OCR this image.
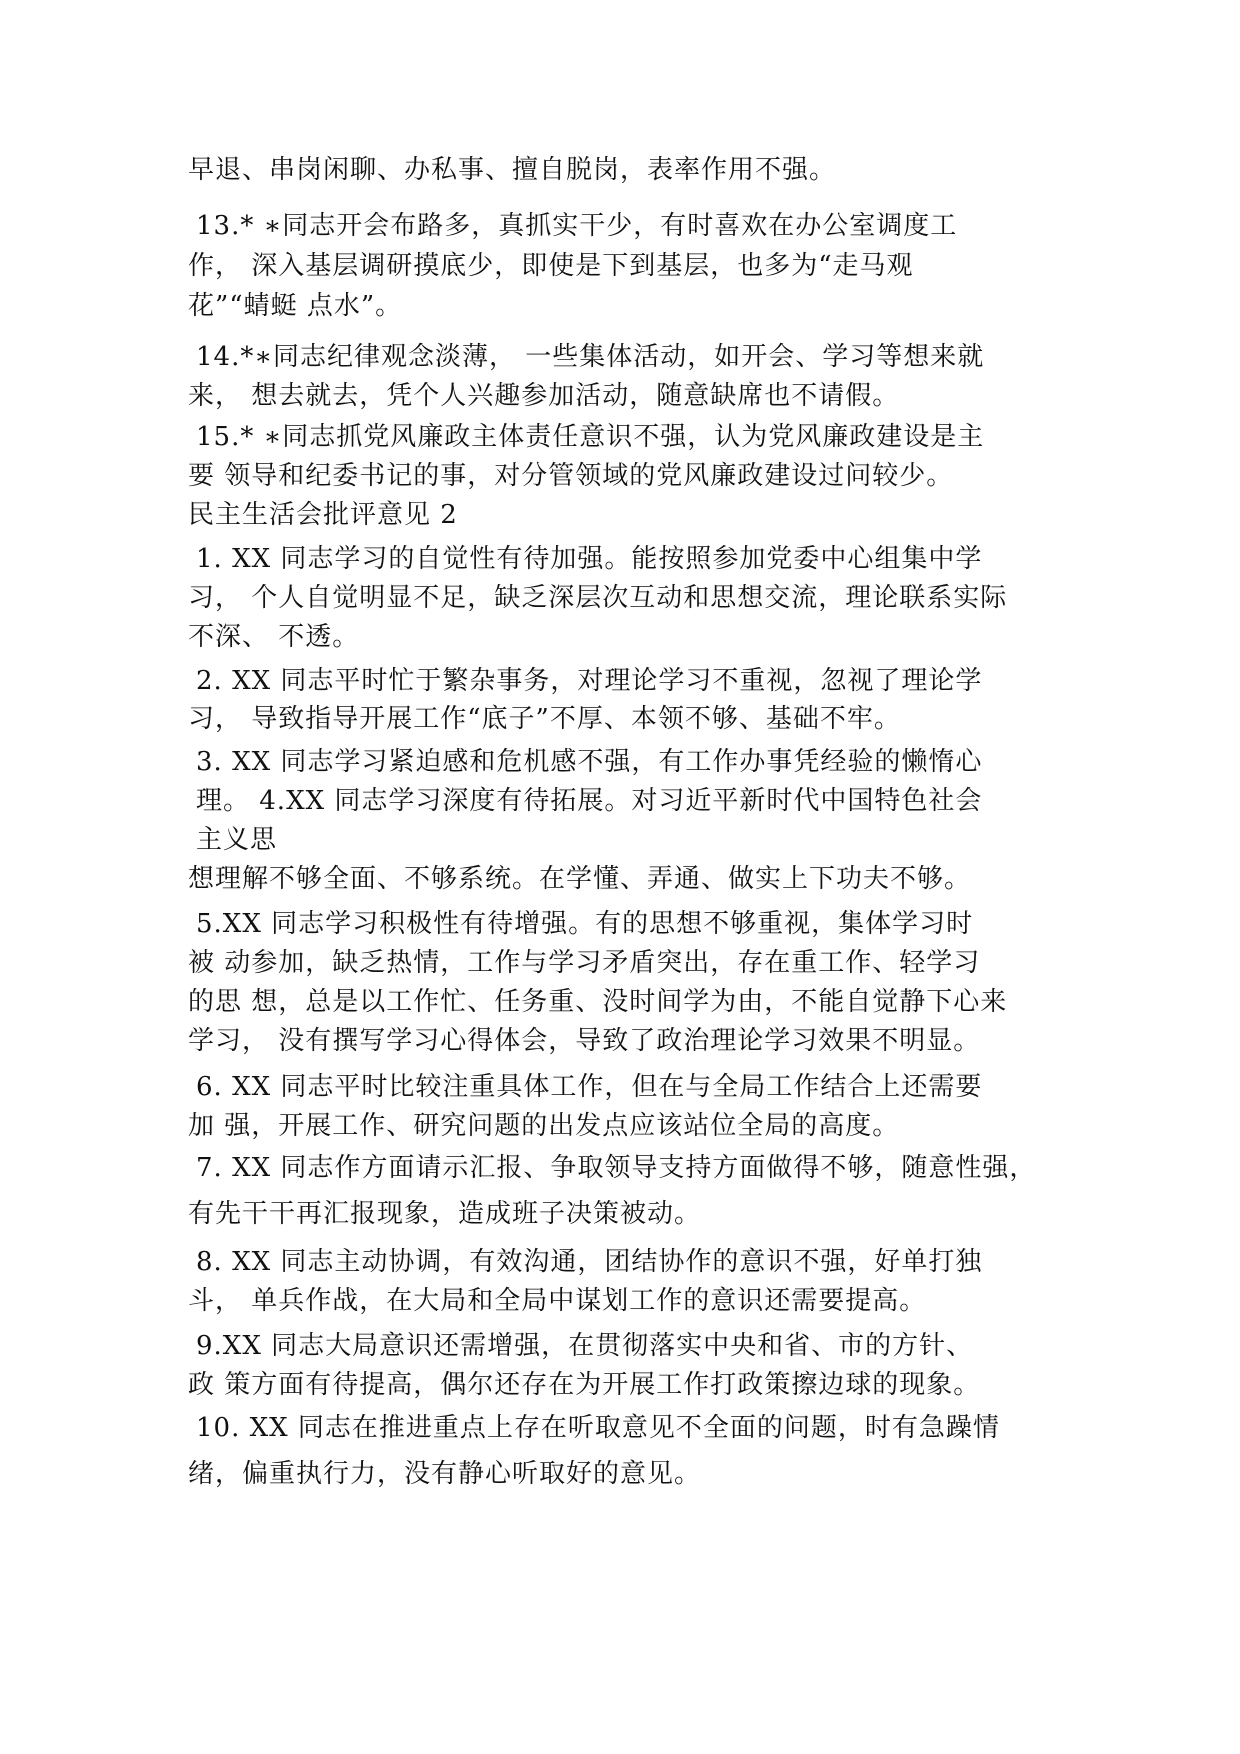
早退、串岗闲聊、办私事、擅自脱岗，表率作用不强。
13.* ∗同志开会布路多，真抓实干少，有时喜欢在办公室调度工
作， 深入基层调研摸底少，即使是下到基层，也多为“走马观
花”“蜻蜓 点水”。
14.*∗同志纪律观念淡薄， 一些集体活动，如开会、学习等想来就
来， 想去就去，凭个人兴趣参加活动，随意缺席也不请假。
15.* ∗同志抓党风廉政主体责任意识不强，认为党风廉政建设是主
要 领导和纪委书记的事，对分管领域的党风廉政建设过问较少。
民主生活会批评意见 2
1. XX 同志学习的自觉性有待加强。能按照参加党委中心组集中学
习， 个人自觉明显不足，缺乏深层次互动和思想交流，理论联系实际
不深、 不透。
2. XX 同志平时忙于繁杂事务，对理论学习不重视，忽视了理论学
习， 导致指导开展工作“底子”不厚、本领不够、基础不牢。
3. XX 同志学习紧迫感和危机感不强，有工作办事凭经验的懒惰心
理。 4.XX 同志学习深度有待拓展。对习近平新时代中国特色社会
主义思
想理解不够全面、不够系统。在学懂、弄通、做实上下功夫不够。
5.XX 同志学习积极性有待增强。有的思想不够重视，集体学习时
被 动参加，缺乏热情，工作与学习矛盾突出，存在重工作、轻学习
的思 想，总是以工作忙、任务重、没时间学为由，不能自觉静下心来
学习， 没有撰写学习心得体会，导致了政治理论学习效果不明显。
6. XX 同志平时比较注重具体工作，但在与全局工作结合上还需要
加 强，开展工作、研究问题的出发点应该站位全局的高度。
7. XX 同志作方面请示汇报、争取领导支持方面做得不够，随意性强，
有先干干再汇报现象，造成班子决策被动。
8. XX 同志主动协调，有效沟通，团结协作的意识不强，好单打独
斗， 单兵作战，在大局和全局中谋划工作的意识还需要提高。
9.XX 同志大局意识还需增强，在贯彻落实中央和省、市的方针、
政 策方面有待提高，偶尔还存在为开展工作打政策擦边球的现象。
10. XX 同志在推进重点上存在听取意见不全面的问题，时有急躁情
绪，偏重执行力，没有静心听取好的意见。
